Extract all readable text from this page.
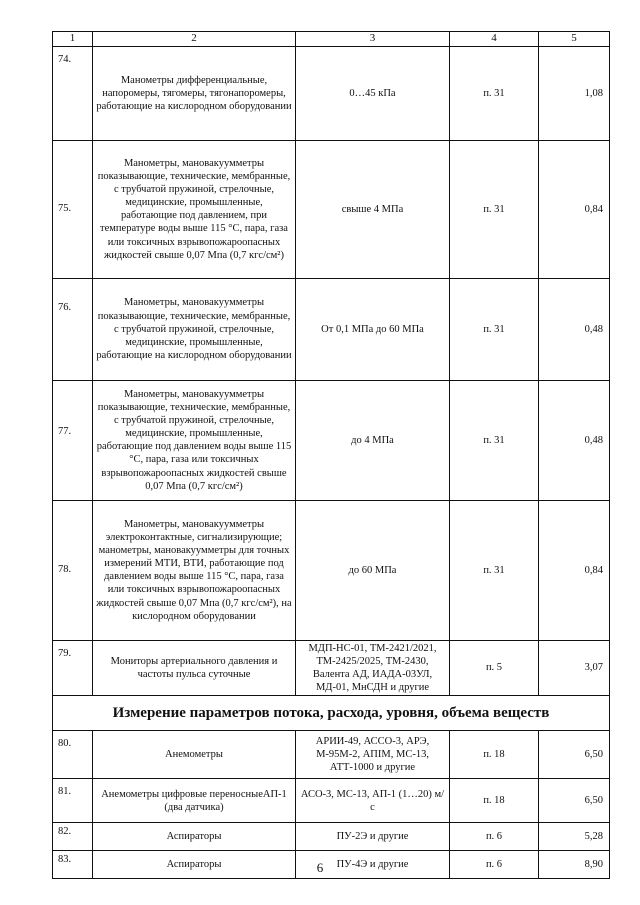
1	2	3	4	5
74.	Манометры дифференциальные, напоромеры, тягомеры, тягонапоромеры, работающие на кислородном оборудовании	0…45 кПа	п. 31	1,08
75.	Манометры, мановакуумметры показывающие, технические, мембранные, с трубчатой пружиной, стрелочные, медицинские, промышленные, работающие под давлением, при температуре воды выше 115 °С, пара, газа или токсичных взрывопожароопасных жидкостей свыше 0,07 Мпа (0,7 кгс/см²)	свыше 4 МПа	п. 31	0,84
76.	Манометры, мановакуумметры показывающие, технические, мембранные, с трубчатой пружиной, стрелочные, медицинские, промышленные, работающие на кислородном оборудовании	От 0,1 МПа до 60 МПа	п. 31	0,48
77.	Манометры, мановакуумметры показывающие, технические, мембранные, с трубчатой пружиной, стрелочные, медицинские, промышленные, работающие под давлением воды выше 115 °С, пара, газа или токсичных взрывопожароопасных жидкостей свыше 0,07 Мпа (0,7 кгс/см²)	до 4 МПа	п. 31	0,48
78.	Манометры, мановакуумметры электроконтактные, сигнализирующие; манометры, мановакуумметры для точных измерений МТИ, ВТИ, работающие под давлением воды выше 115 °С, пара, газа или токсичных взрывопожароопасных жидкостей свыше 0,07 Мпа (0,7 кгс/см²), на кислородном оборудовании	до 60 МПа	п. 31	0,84
79.	Мониторы артериального давления и частоты пульса суточные	МДП-НС-01, ТМ-2421/2021, ТМ-2425/2025, ТМ-2430, Валента АД, ИАДА-03УЛ, МД-01, МнСДН и другие	п. 5	3,07
Измерение параметров потока, расхода, уровня, объема веществ				
80.	Анемометры	АРИИ-49, АССО-3, АРЭ, М-95М-2, АПІМ, МС-13, АТТ-1000 и другие	п. 18	6,50
81.	Анемометры цифровые переносныеАП-1 (два датчика)	АСО-3, МС-13, АП-1 (1…20) м/с	п. 18	6,50
82.	Аспираторы	ПУ-2Э и другие	п. 6	5,28
83.	Аспираторы	ПУ-4Э и другие	п. 6	8,90
6
